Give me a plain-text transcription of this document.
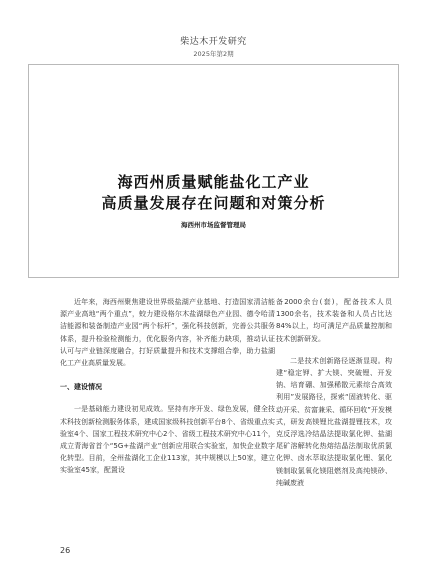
柴达木开发研究
2025年第2期
海西州质量赋能盐化工产业
高质量发展存在问题和对策分析
海西州市场监督管理局

近年来，海西州聚焦建设世界级盐湖产业基地、打造国家清洁能源产业高地“两个重点”，蛟力建设格尔木盐湖绿色产业园、德令哈清洁能源和装备制造产业园“两个标杆”，强化科技创新，完善公共服务体系，提升检验检测能力，优化服务内容，补齐能力缺项，推动认证认可与产业链深度融合，打好质量提升和技术支撑组合拳，助力盐湖化工产业高质量发展。

一、建设情况

一是基础能力建设初见成效。坚持有序开发、绿色发展，健全技术科技创新检测服务体系，建成国家级科技创新平台8个、省级重点实验室4个、国家工程技术研究中心2个、省级工程技术研究中心11个，成立青海省首个“5G+盐湖产业”创新应用联合实验室，加快企业数字化转型。目前，全州盐湖化工企业113家，其中规模以上50家，建立实验室45家，配置设

备2000余台(套)，配备技术人员1300余名，技术装备和人员占比达84%以上，均可满足产品质量控制和技术创新研发。

二是技术创新路径逐渐显现。构建“稳定钾、扩大镁、突破锂、开发钠、培育硼、加强稀散元素综合高效利用”发展路径，探索“固液转化、驱动开采、贫富兼采、循环回收”开发模式，研发高镁锂比盐湖提锂技术，攻克反浮选冷结晶法提取氯化钾、盐湖尾矿溶解转化热熔结晶法制取优质氯化钾、卤水萃取法提取氯化锂、氯化镁制取氯氧化镁阻燃剂及高纯镁砂、纯碱废液

26
